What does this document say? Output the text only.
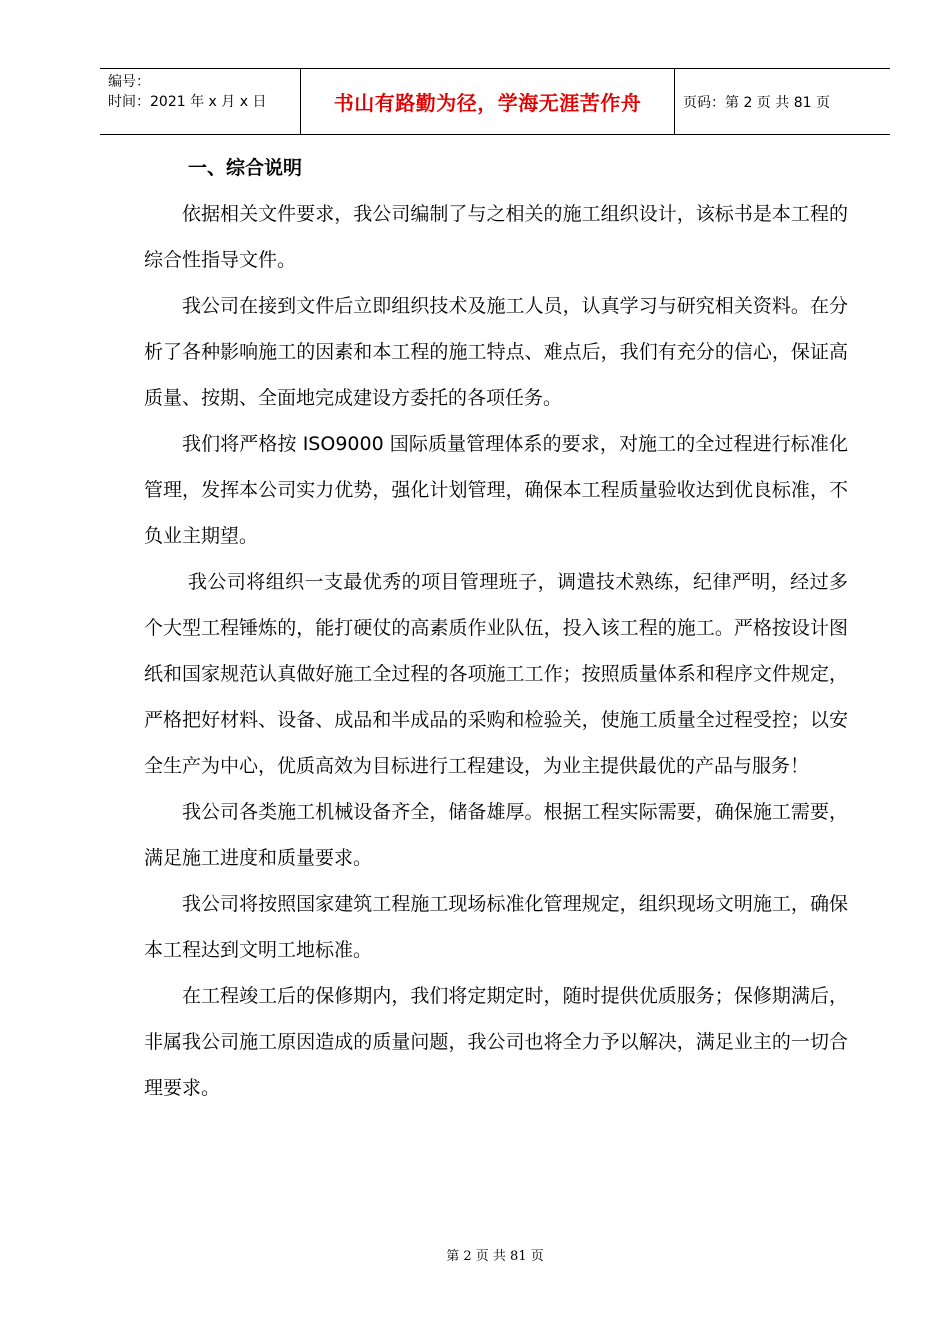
编号：
时间：2021 年 x 月 x 日	书山有路勤为径，学海无涯苦作舟	页码：第 2 页 共 81 页
一、综合说明

依据相关文件要求，我公司编制了与之相关的施工组织设计，该标书是本工程的综合性指导文件。

我公司在接到文件后立即组织技术及施工人员，认真学习与研究相关资料。在分析了各种影响施工的因素和本工程的施工特点、难点后，我们有充分的信心，保证高质量、按期、全面地完成建设方委托的各项任务。

我们将严格按 ISO9000 国际质量管理体系的要求，对施工的全过程进行标准化管理，发挥本公司实力优势，强化计划管理，确保本工程质量验收达到优良标准，不负业主期望。

我公司将组织一支最优秀的项目管理班子，调遣技术熟练，纪律严明，经过多个大型工程锤炼的，能打硬仗的高素质作业队伍，投入该工程的施工。严格按设计图纸和国家规范认真做好施工全过程的各项施工工作；按照质量体系和程序文件规定，严格把好材料、设备、成品和半成品的采购和检验关，使施工质量全过程受控；以安全生产为中心，优质高效为目标进行工程建设，为业主提供最优的产品与服务！

我公司各类施工机械设备齐全，储备雄厚。根据工程实际需要，确保施工需要，满足施工进度和质量要求。

我公司将按照国家建筑工程施工现场标准化管理规定，组织现场文明施工，确保本工程达到文明工地标准。

在工程竣工后的保修期内，我们将定期定时，随时提供优质服务；保修期满后，非属我公司施工原因造成的质量问题，我公司也将全力予以解决，满足业主的一切合理要求。

第 2 页 共 81 页
